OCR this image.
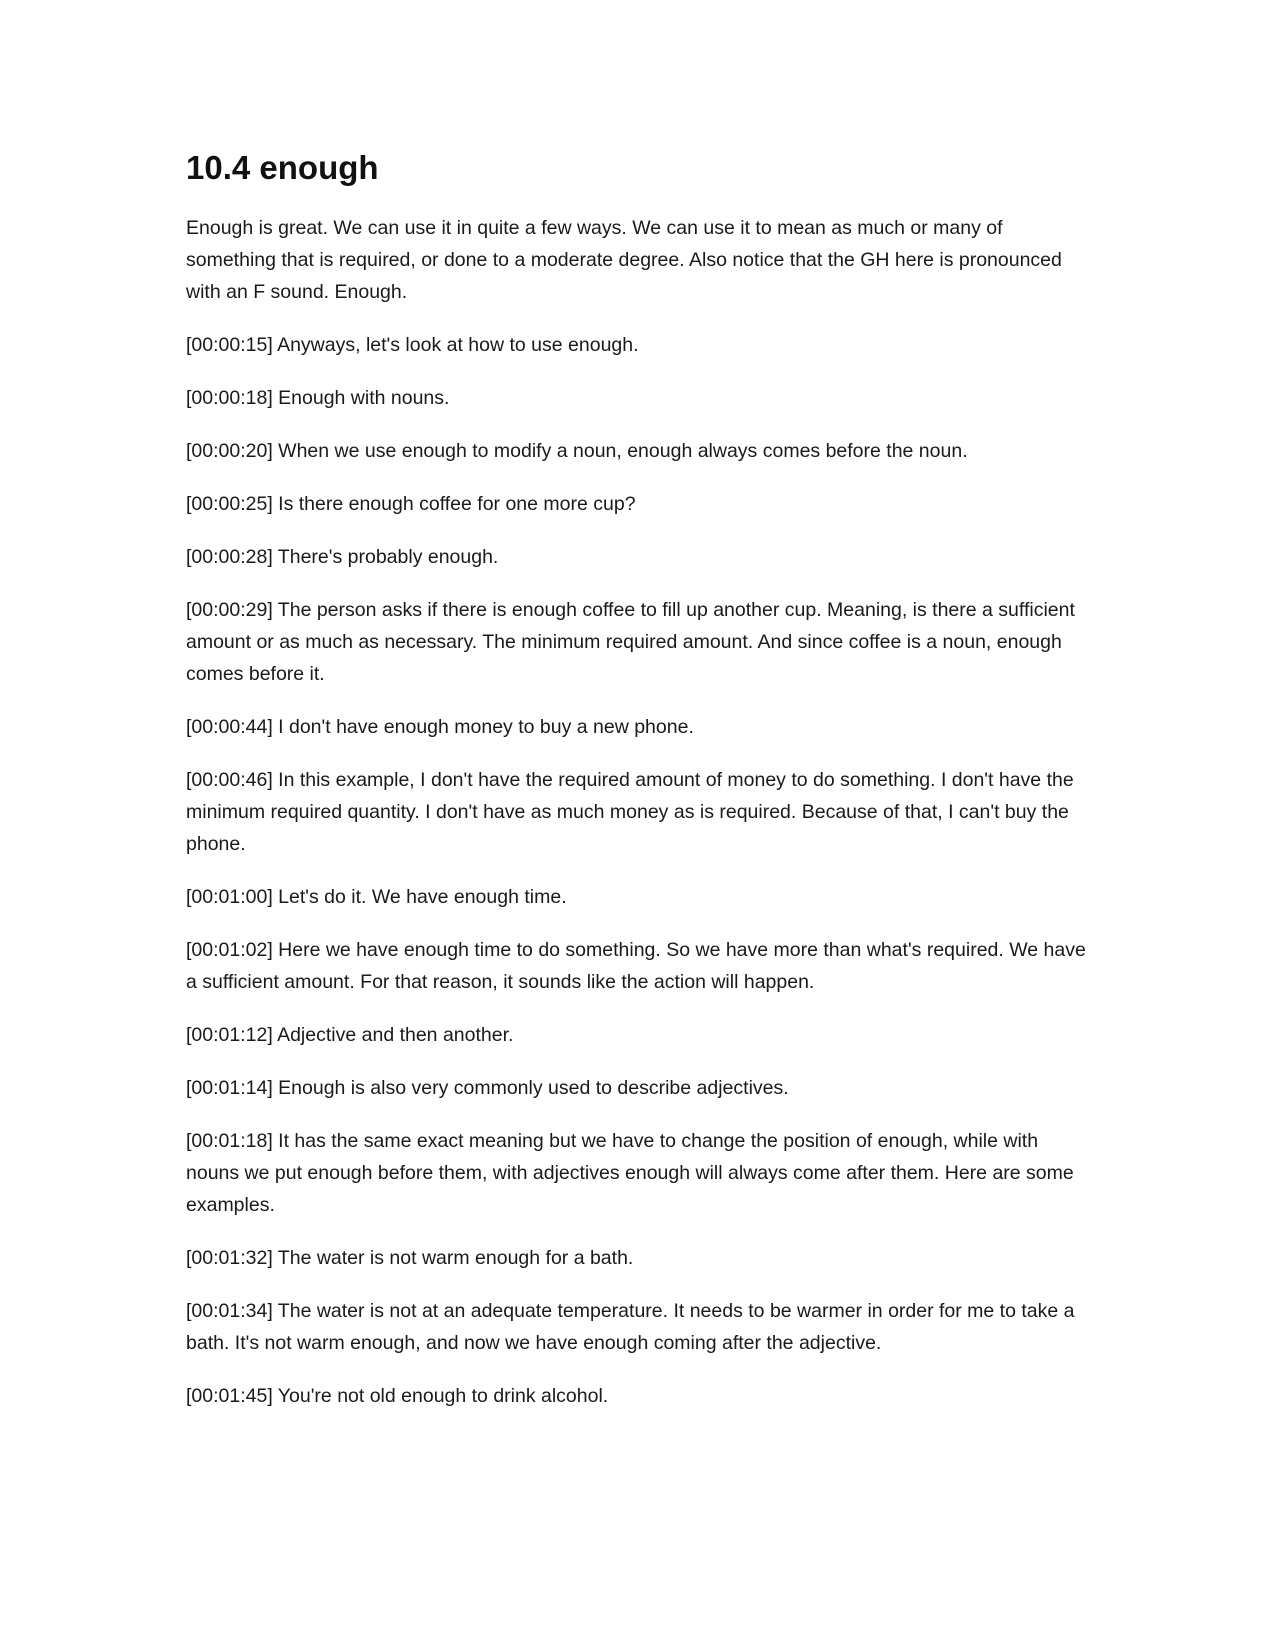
10.4 enough

Enough is great. We can use it in quite a few ways. We can use it to mean as much or many of something that is required, or done to a moderate degree. Also notice that the GH here is pronounced with an F sound. Enough.

[00:00:15] Anyways, let's look at how to use enough.

[00:00:18] Enough with nouns.

[00:00:20] When we use enough to modify a noun, enough always comes before the noun.

[00:00:25] Is there enough coffee for one more cup?

[00:00:28] There's probably enough.

[00:00:29] The person asks if there is enough coffee to fill up another cup. Meaning, is there a sufficient amount or as much as necessary. The minimum required amount. And since coffee is a noun, enough comes before it.

[00:00:44] I don't have enough money to buy a new phone.

[00:00:46] In this example, I don't have the required amount of money to do something. I don't have the minimum required quantity. I don't have as much money as is required. Because of that, I can't buy the phone.

[00:01:00] Let's do it. We have enough time.

[00:01:02] Here we have enough time to do something. So we have more than what's required. We have a sufficient amount. For that reason, it sounds like the action will happen.

[00:01:12] Adjective and then another.

[00:01:14] Enough is also very commonly used to describe adjectives.

[00:01:18] It has the same exact meaning but we have to change the position of enough, while with nouns we put enough before them, with adjectives enough will always come after them. Here are some examples.

[00:01:32] The water is not warm enough for a bath.

[00:01:34] The water is not at an adequate temperature. It needs to be warmer in order for me to take a bath. It's not warm enough, and now we have enough coming after the adjective.

[00:01:45] You're not old enough to drink alcohol.
